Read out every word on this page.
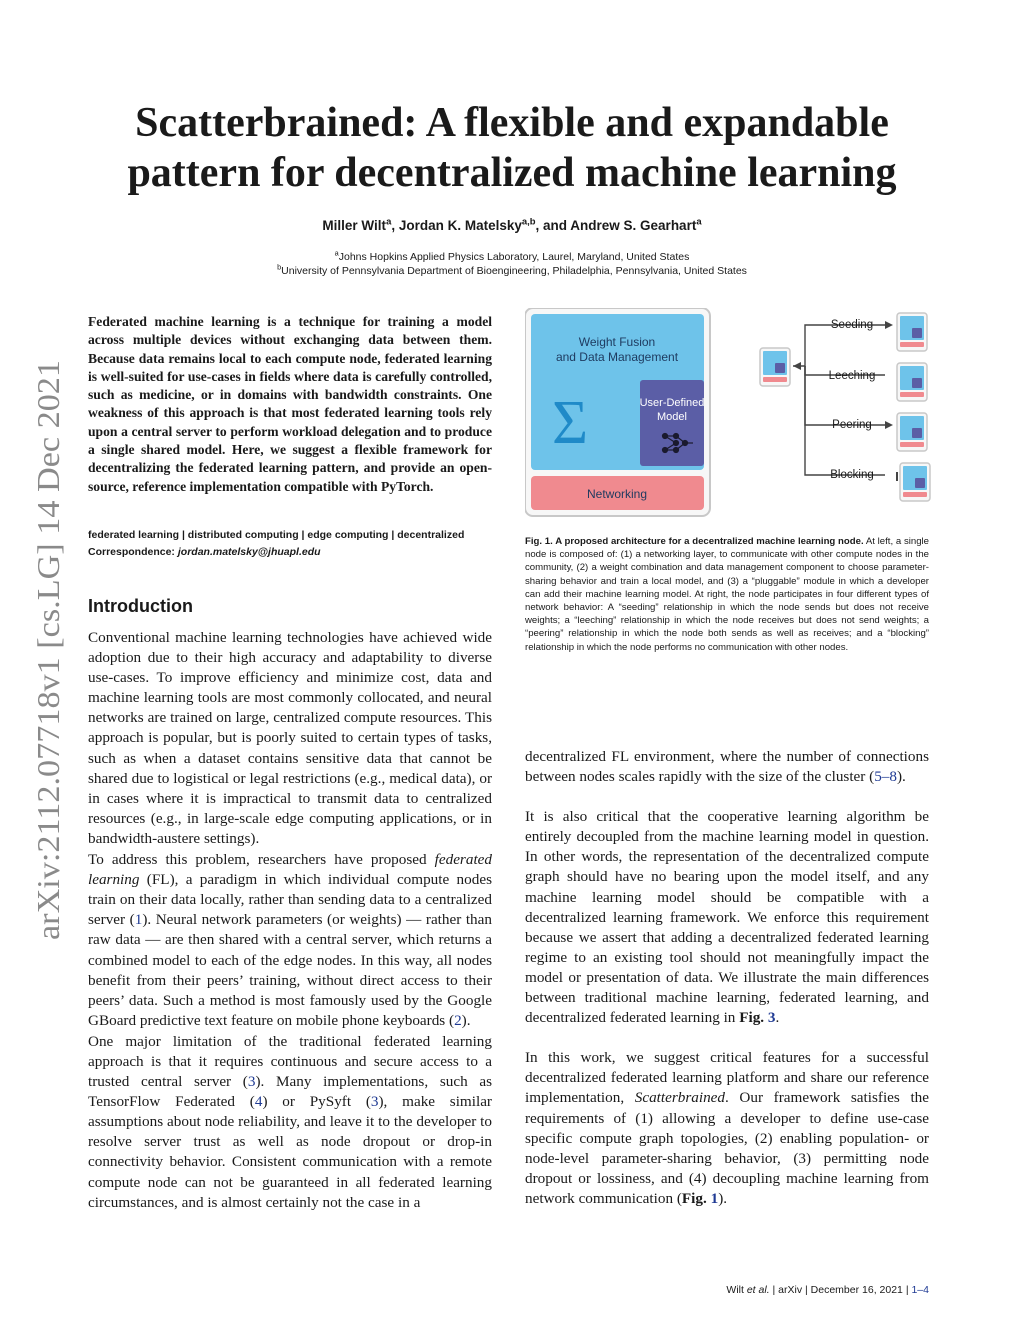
arXiv:2112.07718v1 [cs.LG] 14 Dec 2021
Scatterbrained: A flexible and expandable
pattern for decentralized machine learning
Miller Wilt$^a$, Jordan K. Matelsky$^{a,b}$, and Andrew S. Gearhart$^a$
$^a$Johns Hopkins Applied Physics Laboratory, Laurel, Maryland, United States
$^b$University of Pennsylvania Department of Bioengineering, Philadelphia, Pennsylvania, United States

Federated machine learning is a technique for training a model across multiple devices without exchanging data between them. Because data remains local to each compute node, federated learning is well-suited for use-cases in fields where data is carefully controlled, such as medicine, or in domains with bandwidth constraints. One weakness of this approach is that most federated learning tools rely upon a central server to perform workload delegation and to produce a single shared model. Here, we suggest a flexible framework for decentralizing the federated learning pattern, and provide an open-source, reference implementation compatible with PyTorch.

federated learning | distributed computing | edge computing | decentralized
Correspondence: jordan.matelsky@jhuapl.edu
Introduction

Conventional machine learning technologies have achieved wide adoption due to their high accuracy and adaptability to diverse use-cases. To improve efficiency and minimize cost, data and machine learning tools are most commonly collocated, and neural networks are trained on large, centralized compute resources. This approach is popular, but is poorly suited to certain types of tasks, such as when a dataset contains sensitive data that cannot be shared due to logistical or legal restrictions (e.g., medical data), or in cases where it is impractical to transmit data to centralized resources (e.g., in large-scale edge computing applications, or in bandwidth-austere settings).

To address this problem, researchers have proposed federated learning (FL), a paradigm in which individual compute nodes train on their data locally, rather than sending data to a centralized server (1). Neural network parameters (or weights) — rather than raw data — are then shared with a central server, which returns a combined model to each of the edge nodes. In this way, all nodes benefit from their peers’ training, without direct access to their peers’ data. Such a method is most famously used by the Google GBoard predictive text feature on mobile phone keyboards (2).

One major limitation of the traditional federated learning approach is that it requires continuous and secure access to a trusted central server (3). Many implementations, such as TensorFlow Federated (4) or PySyft (3), make similar assumptions about node reliability, and leave it to the developer to resolve server trust as well as node dropout or drop-in connectivity behavior. Consistent communication with a remote compute node can not be guaranteed in all federated learning circumstances, and is almost certainly not the case in a

Weight Fusion
and Data Management
Σ	User-Defined
Model
Networking
Seeding
Leeching
Peering
Blocking
Fig. 1. A proposed architecture for a decentralized machine learning node. At left, a single node is composed of: (1) a networking layer, to communicate with other compute nodes in the community, (2) a weight combination and data management component to choose parameter-sharing behavior and train a local model, and (3) a “pluggable” module in which a developer can add their machine learning model. At right, the node participates in four different types of network behavior: A “seeding” relationship in which the node sends but does not receive weights; a “leeching” relationship in which the node receives but does not send weights; a “peering” relationship in which the node both sends as well as receives; and a “blocking” relationship in which the node performs no communication with other nodes.

decentralized FL environment, where the number of connections between nodes scales rapidly with the size of the cluster (5–8).

It is also critical that the cooperative learning algorithm be entirely decoupled from the machine learning model in question. In other words, the representation of the decentralized compute graph should have no bearing upon the model itself, and any machine learning model should be compatible with a decentralized learning framework. We enforce this requirement because we assert that adding a decentralized federated learning regime to an existing tool should not meaningfully impact the model or presentation of data. We illustrate the main differences between traditional machine learning, federated learning, and decentralized federated learning in Fig. 3.

In this work, we suggest critical features for a successful decentralized federated learning platform and share our reference implementation, Scatterbrained. Our framework satisfies the requirements of (1) allowing a developer to define use-case specific compute graph topologies, (2) enabling population- or node-level parameter-sharing behavior, (3) permitting node dropout or lossiness, and (4) decoupling machine learning from network communication (Fig. 1).

Wilt et al. | arXiv | December 16, 2021 | 1–4
